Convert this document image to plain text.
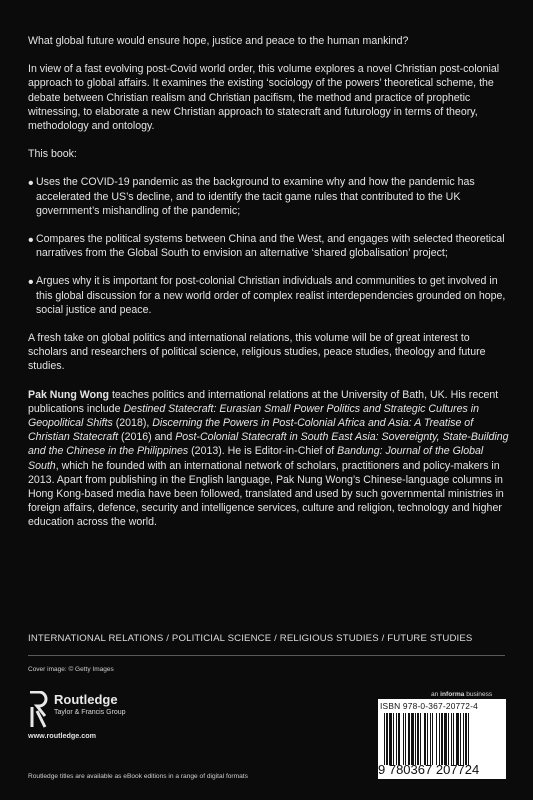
What global future would ensure hope, justice and peace to the human mankind?

In view of a fast evolving post-Covid world order, this volume explores a novel Christian post-colonial approach to global affairs. It examines the existing ‘sociology of the powers’ theoretical scheme, the debate between Christian realism and Christian pacifism, the method and practice of prophetic witnessing, to elaborate a new Christian approach to statecraft and futurology in terms of theory, methodology and ontology.

This book:

• Uses the COVID-19 pandemic as the background to examine why and how the pandemic has accelerated the US’s decline, and to identify the tacit game rules that contributed to the UK government’s mishandling of the pandemic;

• Compares the political systems between China and the West, and engages with selected theoretical narratives from the Global South to envision an alternative ‘shared globalisation’ project;

• Argues why it is important for post-colonial Christian individuals and communities to get involved in this global discussion for a new world order of complex realist interdependencies grounded on hope, social justice and peace.

A fresh take on global politics and international relations, this volume will be of great interest to scholars and researchers of political science, religious studies, peace studies, theology and future studies.

Pak Nung Wong teaches politics and international relations at the University of Bath, UK. His recent publications include Destined Statecraft: Eurasian Small Power Politics and Strategic Cultures in Geopolitical Shifts (2018), Discerning the Powers in Post-Colonial Africa and Asia: A Treatise of Christian Statecraft (2016) and Post-Colonial Statecraft in South East Asia: Sovereignty, State-Building and the Chinese in the Philippines (2013). He is Editor-in-Chief of Bandung: Journal of the Global South, which he founded with an international network of scholars, practitioners and policy-makers in 2013. Apart from publishing in the English language, Pak Nung Wong’s Chinese-language columns in Hong Kong-based media have been followed, translated and used by such governmental ministries in foreign affairs, defence, security and intelligence services, culture and religion, technology and higher education across the world.

INTERNATIONAL RELATIONS / POLITICIAL SCIENCE / RELIGIOUS STUDIES / FUTURE STUDIES
Cover image: © Getty Images
Routledge
Taylor & Francis Group
www.routledge.com
Routledge titles are available as eBook editions in a range of digital formats
an informa business
ISBN 978-0-367-20772-4
9 780367 207724
